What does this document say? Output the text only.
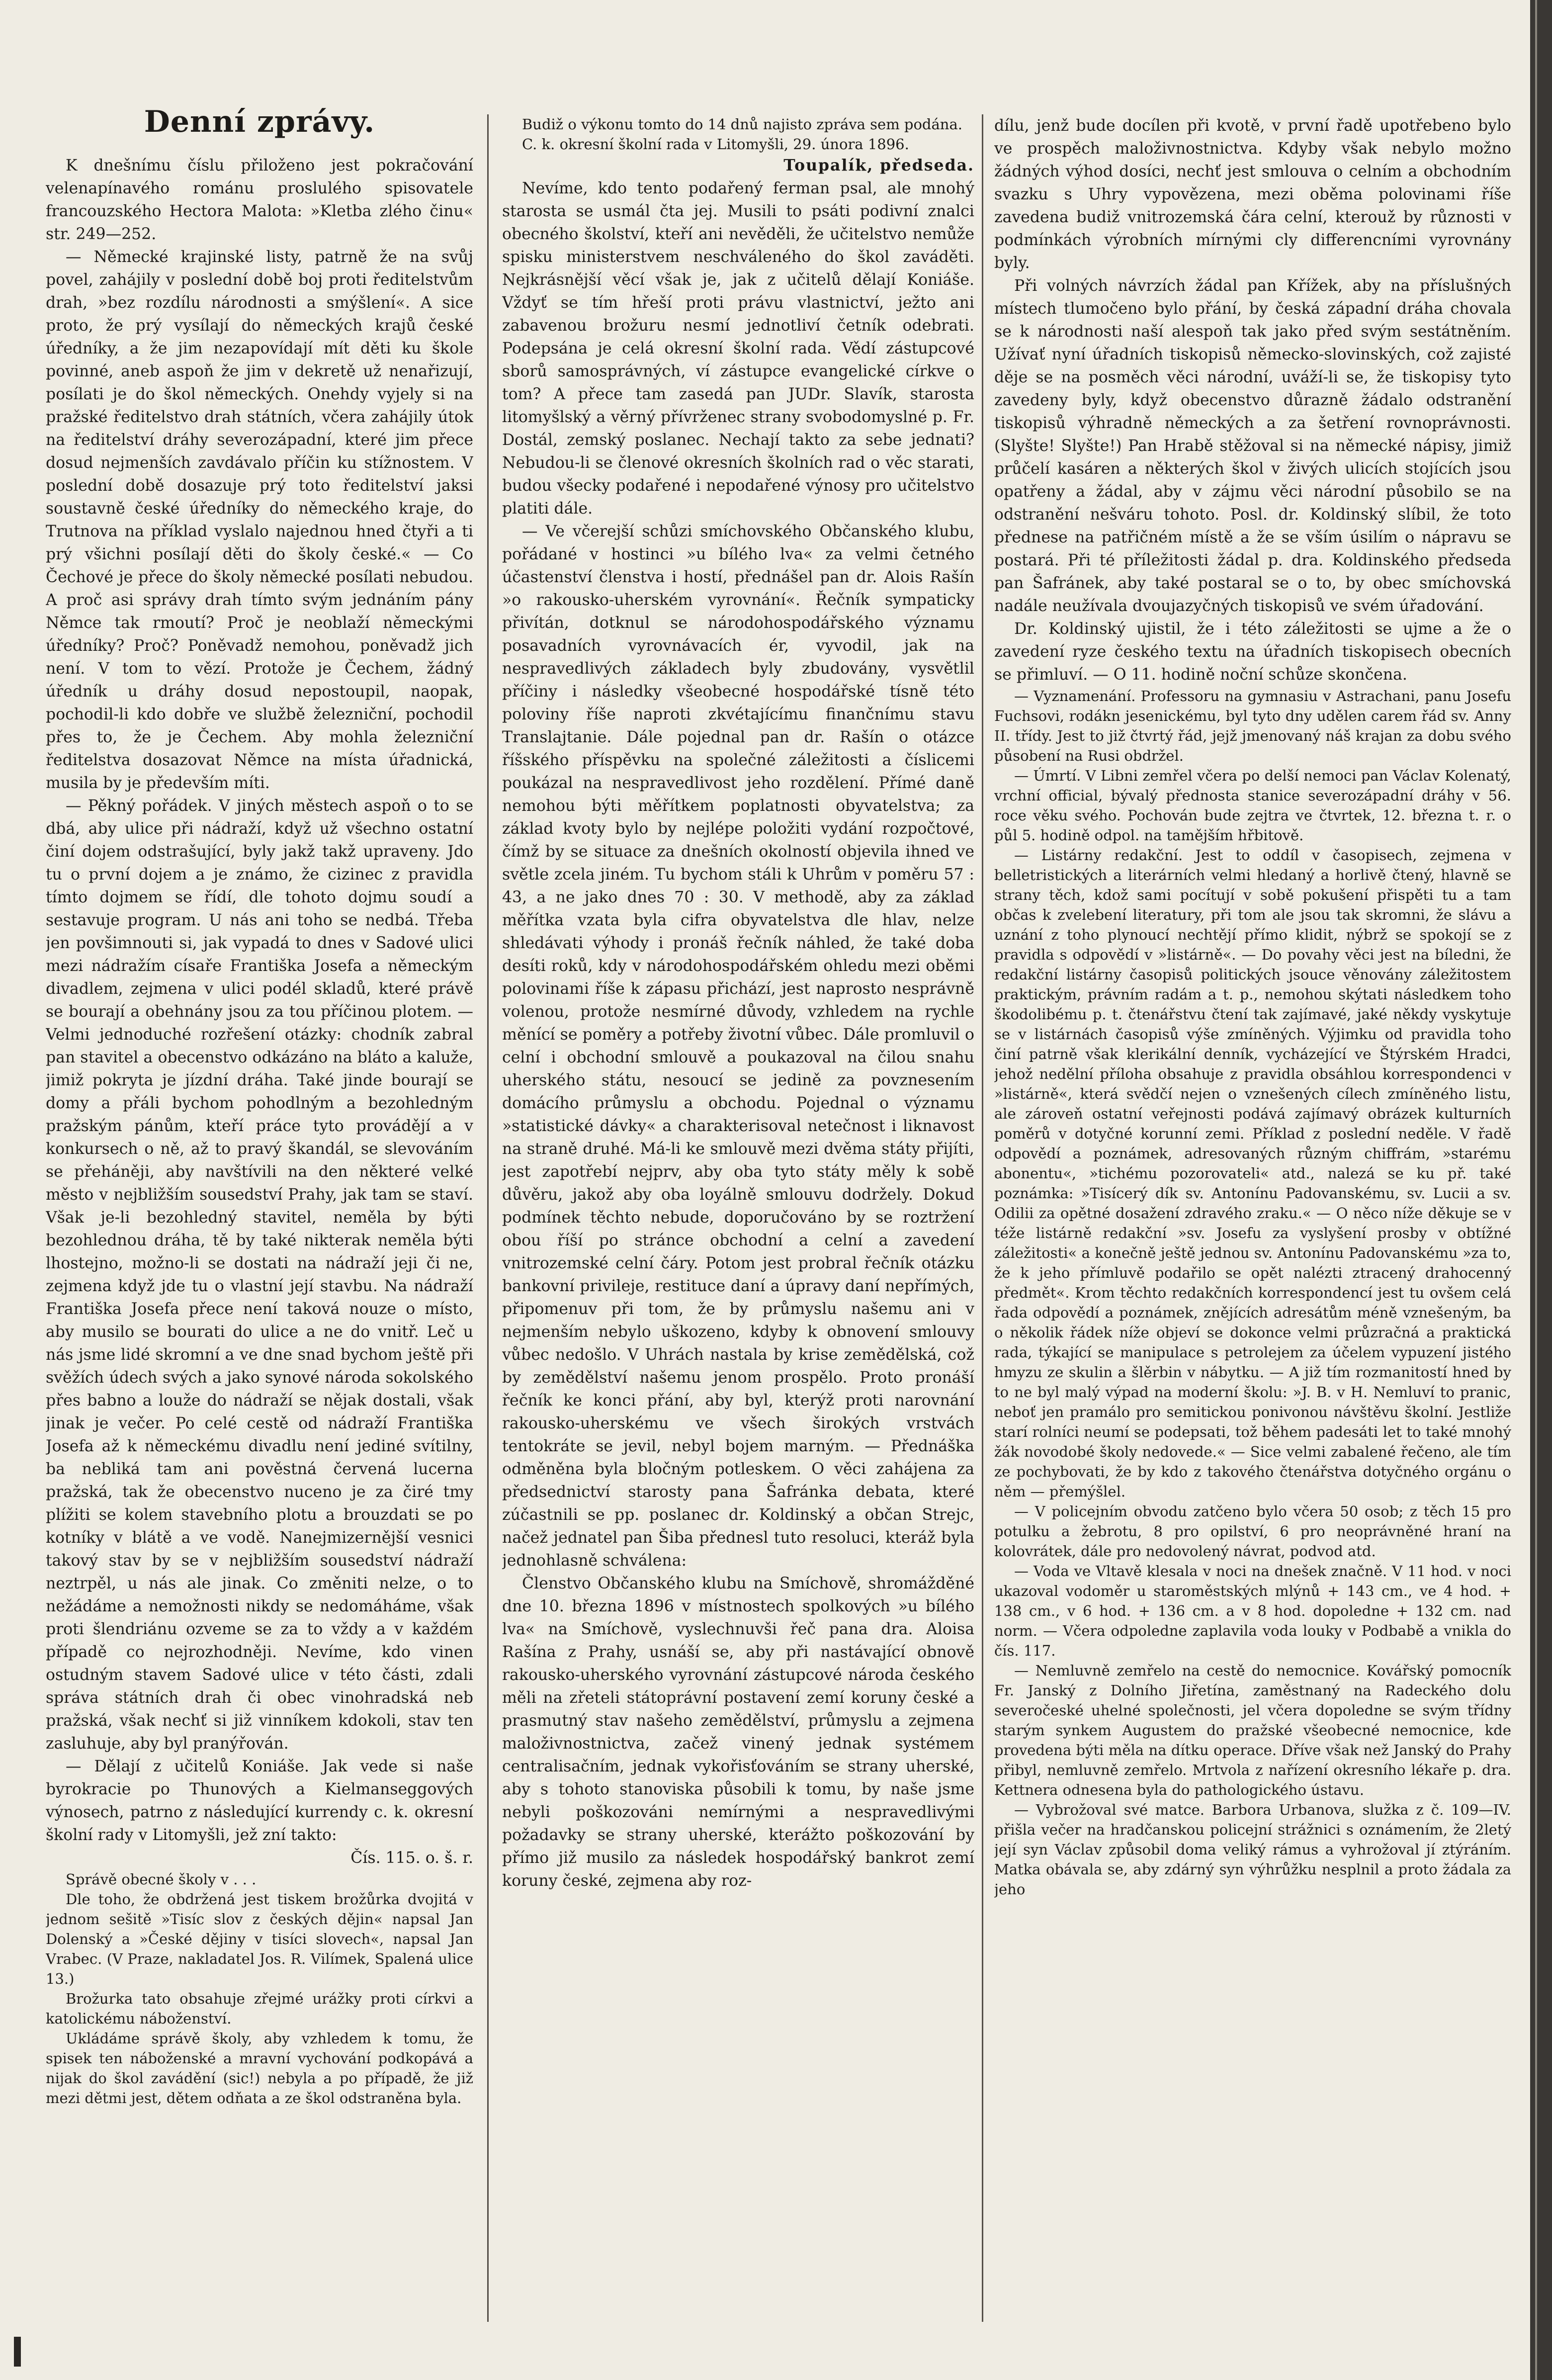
Denní zprávy.

K dnešnímu číslu přiloženo jest pokračování velenapínavého románu proslulého spisovatele francouzského Hectora Malota: »Kletba zlého činu« str. 249—252.

— Německé krajinské listy, patrně že na svůj povel, zahájily v poslední době boj proti ředitelstvům drah, »bez rozdílu národnosti a smýšlení«. A sice proto, že prý vysílají do německých krajů české úředníky, a že jim nezapovídají mít děti ku škole povinné, aneb aspoň že jim v dekretě už nenařizují, posílati je do škol německých. Onehdy vyjely si na pražské ředitelstvo drah státních, včera zahájily útok na ředitelství dráhy severozápadní, které jim přece dosud nejmenších zavdávalo příčin ku stížnostem. V poslední době dosazuje prý toto ředitelství jaksi soustavně české úředníky do německého kraje, do Trutnova na příklad vyslalo najednou hned čtyři a ti prý všichni posílají děti do školy české.« — Co Čechové je přece do školy německé posílati nebudou. A proč asi správy drah tímto svým jednáním pány Němce tak rmoutí? Proč je neoblaží německými úředníky? Proč? Poněvadž nemohou, poněvadž jich není. V tom to vězí. Protože je Čechem, žádný úředník u dráhy dosud nepostoupil, naopak, pochodil-li kdo dobře ve službě železniční, pochodil přes to, že je Čechem. Aby mohla železniční ředitelstva dosazovat Němce na místa úřadnická, musila by je především míti.

— Pěkný pořádek. V jiných městech aspoň o to se dbá, aby ulice při nádraží, když už všechno ostatní činí dojem odstrašující, byly jakž takž upraveny. Jdo tu o první dojem a je známo, že cizinec z pravidla tímto dojmem se řídí, dle tohoto dojmu soudí a sestavuje program. U nás ani toho se nedbá. Třeba jen povšimnouti si, jak vypadá to dnes v Sadové ulici mezi nádražím císaře Františka Josefa a německým divadlem, zejmena v ulici podél skladů, které právě se bourají a obehnány jsou za tou příčinou plotem. — Velmi jednoduché rozřešení otázky: chodník zabral pan stavitel a obecenstvo odkázáno na bláto a kaluže, jimiž pokryta je jízdní dráha. Také jinde bourají se domy a přáli bychom pohodlným a bezohledným pražským pánům, kteří práce tyto provádějí a v konkursech o ně, až to pravý škandál, se slevováním se přeháněji, aby navštívili na den některé velké město v nejbližším sousedství Prahy, jak tam se staví. Však je-li bezohledný stavitel, neměla by býti bezohlednou dráha, tě by také nikterak neměla býti lhostejno, možno-li se dostati na nádraží jeji či ne, zejmena když jde tu o vlastní její stavbu. Na nádraží Františka Josefa přece není taková nouze o místo, aby musilo se bourati do ulice a ne do vnitř. Leč u nás jsme lidé skromní a ve dne snad bychom ještě při svěžích údech svých a jako synové národa sokolského přes babno a louže do nádraží se nějak dostali, však jinak je večer. Po celé cestě od nádraží Františka Josefa až k německému divadlu není jediné svítilny, ba nebliká tam ani pověstná červená lucerna pražská, tak že obecenstvo nuceno je za čiré tmy plížiti se kolem stavebního plotu a brouzdati se po kotníky v blátě a ve vodě. Nanejmizernější vesnici takový stav by se v nejbližším sousedství nádraží neztrpěl, u nás ale jinak. Co změniti nelze, o to nežádáme a nemožnosti nikdy se nedomáháme, však proti šlendriánu ozveme se za to vždy a v každém případě co nejrozhodněji. Nevíme, kdo vinen ostudným stavem Sadové ulice v této části, zdali správa státních drah či obec vinohradská neb pražská, však nechť si již vinníkem kdokoli, stav ten zasluhuje, aby byl pranýřován.

— Dělají z učitelů Koniáše. Jak vede si naše byrokracie po Thunových a Kielmanseggových výnosech, patrno z následující kurrendy c. k. okresní školní rady v Litomyšli, jež zní takto:

Čís. 115. o. š. r.

Správě obecné školy v . . .

Dle toho, že obdržená jest tiskem brožůrka dvojitá v jednom sešitě »Tisíc slov z českých dějin« napsal Jan Dolenský a »České dějiny v tisíci slovech«, napsal Jan Vrabec. (V Praze, nakladatel Jos. R. Vilímek, Spalená ulice 13.)

Brožurka tato obsahuje zřejmé urážky proti církvi a katolickému náboženství.

Ukládáme správě školy, aby vzhledem k tomu, že spisek ten náboženské a mravní vychování podkopává a nijak do škol zavádění (sic!) nebyla a po případě, že již mezi dětmi jest, dětem odňata a ze škol odstraněna byla.

Budiž o výkonu tomto do 14 dnů najisto zpráva sem podána.

C. k. okresní školní rada v Litomyšli, 29. února 1896.

Toupalík, předseda.

Nevíme, kdo tento podařený ferman psal, ale mnohý starosta se usmál čta jej. Musili to psáti podivní znalci obecného školství, kteří ani nevěděli, že učitelstvo nemůže spisku ministerstvem neschváleného do škol zaváděti. Nejkrásnější věcí však je, jak z učitelů dělají Koniáše. Vždyť se tím hřeší proti právu vlastnictví, ježto ani zabavenou brožuru nesmí jednotliví četník odebrati. Podepsána je celá okresní školní rada. Vědí zástupcové sborů samosprávných, ví zástupce evangelické církve o tom? A přece tam zasedá pan JUDr. Slavík, starosta litomyšlský a věrný přívrženec strany svobodomyslné p. Fr. Dostál, zemský poslanec. Nechají takto za sebe jednati? Nebudou-li se členové okresních školních rad o věc starati, budou všecky podařené i nepodařené výnosy pro učitelstvo platiti dále.

— Ve včerejší schůzi smíchovského Občanského klubu, pořádané v hostinci »u bílého lva« za velmi četného účastenství členstva i hostí, přednášel pan dr. Alois Rašín »o rakousko-uherském vyrovnání«. Řečník sympaticky přivítán, dotknul se národohospodářského významu posavadních vyrovnávacích ér, vyvodil, jak na nespravedlivých základech byly zbudovány, vysvětlil příčiny i následky všeobecné hospodářské tísně této poloviny říše naproti zkvétajícímu finančnímu stavu Translajtanie. Dále pojednal pan dr. Rašín o otázce říšského příspěvku na společné záležitosti a číslicemi poukázal na nespravedlivost jeho rozdělení. Přímé daně nemohou býti měřítkem poplatnosti obyvatelstva; za základ kvoty bylo by nejlépe položiti vydání rozpočtové, čímž by se situace za dnešních okolností objevila ihned ve světle zcela jiném. Tu bychom stáli k Uhrům v poměru 57 : 43, a ne jako dnes 70 : 30. V methodě, aby za základ měřítka vzata byla cifra obyvatelstva dle hlav, nelze shledávati výhody i pronáš řečník náhled, že také doba desíti roků, kdy v národohospodářském ohledu mezi oběmi polovinami říše k zápasu přichází, jest naprosto nesprávně volenou, protože nesmírné důvody, vzhledem na rychle měnící se poměry a potřeby životní vůbec. Dále promluvil o celní i obchodní smlouvě a poukazoval na čilou snahu uherského státu, nesoucí se jedině za povznesením domácího průmyslu a obchodu. Pojednal o významu »statistické dávky« a charakterisoval netečnost i liknavost na straně druhé. Má-li ke smlouvě mezi dvěma státy přijíti, jest zapotřebí nejprv, aby oba tyto státy měly k sobě důvěru, jakož aby oba loyálně smlouvu dodržely. Dokud podmínek těchto nebude, doporučováno by se roztržení obou říší po stránce obchodní a celní a zavedení vnitrozemské celní čáry. Potom jest probral řečník otázku bankovní privileje, restituce daní a úpravy daní nepřímých, připomenuv při tom, že by průmyslu našemu ani v nejmenším nebylo uškozeno, kdyby k obnovení smlouvy vůbec nedošlo. V Uhrách nastala by krise zemědělská, což by zemědělství našemu jenom prospělo. Proto pronáší řečník ke konci přání, aby byl, kterýž proti narovnání rakousko-uherskému ve všech širokých vrstvách tentokráte se jevil, nebyl bojem marným. — Přednáška odměněna byla bločným potleskem. O věci zahájena za předsednictví starosty pana Šafránka debata, které zúčastnili se pp. poslanec dr. Koldinský a občan Strejc, načež jednatel pan Šiba přednesl tuto resoluci, kteráž byla jednohlasně schválena:

Členstvo Občanského klubu na Smíchově, shromážděné dne 10. března 1896 v místnostech spolkových »u bílého lva« na Smíchově, vyslechnuvši řeč pana dra. Aloisa Rašína z Prahy, usnáší se, aby při nastávající obnově rakousko-uherského vyrovnání zástupcové národa českého měli na zřeteli státoprávní postavení zemí koruny české a prasmutný stav našeho zemědělství, průmyslu a zejmena maloživnostnictva, začež vinený jednak systémem centralisačním, jednak vykořisťováním se strany uherské, aby s tohoto stanoviska působili k tomu, by naše jsme nebyli poškozováni nemírnými a nespravedlivými požadavky se strany uherské, kterážto poškozování by přímo již musilo za následek hospodářský bankrot zemí koruny české, zejmena aby roz-

dílu, jenž bude docílen při kvotě, v první řadě upotřebeno bylo ve prospěch maloživnostnictva. Kdyby však nebylo možno žádných výhod dosíci, nechť jest smlouva o celním a obchodním svazku s Uhry vypovězena, mezi oběma polovinami říše zavedena budiž vnitrozemská čára celní, kterouž by různosti v podmínkách výrobních mírnými cly differencními vyrovnány byly.

Při volných návrzích žádal pan Křížek, aby na příslušných místech tlumočeno bylo přání, by česká západní dráha chovala se k národnosti naší alespoň tak jako před svým sestátněním. Užívať nyní úřadních tiskopisů německo-slovinských, což zajisté děje se na posměch věci národní, uváží-li se, že tiskopisy tyto zavedeny byly, když obecenstvo důrazně žádalo odstranění tiskopisů výhradně německých a za šetření rovnoprávnosti. (Slyšte! Slyšte!) Pan Hrabě stěžoval si na německé nápisy, jimiž průčelí kasáren a některých škol v živých ulicích stojících jsou opatřeny a žádal, aby v zájmu věci národní působilo se na odstranění nešváru tohoto. Posl. dr. Koldinský slíbil, že toto přednese na patřičném místě a že se vším úsilím o nápravu se postará. Při té příležitosti žádal p. dra. Koldinského předseda pan Šafránek, aby také postaral se o to, by obec smíchovská nadále neužívala dvoujazyčných tiskopisů ve svém úřadování.

Dr. Koldinský ujistil, že i této záležitosti se ujme a že o zavedení ryze českého textu na úřadních tiskopisech obecních se přimluví. — O 11. hodině noční schůze skončena.

— Vyznamenání. Professoru na gymnasiu v Astrachani, panu Josefu Fuchsovi, rodákn jesenickému, byl tyto dny udělen carem řád sv. Anny II. třídy. Jest to již čtvrtý řád, jejž jmenovaný náš krajan za dobu svého působení na Rusi obdržel.

— Úmrtí. V Libni zemřel včera po delší nemoci pan Václav Kolenatý, vrchní official, bývalý přednosta stanice severozápadní dráhy v 56. roce věku svého. Pochován bude zejtra ve čtvrtek, 12. března t. r. o půl 5. hodině odpol. na tamějším hřbitově.

— Listárny redakční. Jest to oddíl v časopisech, zejmena v belletristických a literárních velmi hledaný a horlivě čtený, hlavně se strany těch, kdož sami pocítují v sobě pokušení přispěti tu a tam občas k zvelebení literatury, při tom ale jsou tak skromni, že slávu a uznání z toho plynoucí nechtějí přímo klidit, nýbrž se spokojí se z pravidla s odpovědí v »listárně«. — Do povahy věci jest na bíledni, že redakční listárny časopisů politických jsouce věnovány záležitostem praktickým, právním radám a t. p., nemohou skýtati následkem toho škodolibému p. t. čtenářstvu čtení tak zajímavé, jaké někdy vyskytuje se v listárnách časopisů výše zmíněných. Výjimku od pravidla toho činí patrně však klerikální denník, vycházející ve Štýrském Hradci, jehož nedělní příloha obsahuje z pravidla obsáhlou korrespondenci v »listárně«, která svědčí nejen o vznešených cílech zmíněného listu, ale zároveň ostatní veřejnosti podává zajímavý obrázek kulturních poměrů v dotyčné korunní zemi. Příklad z poslední neděle. V řadě odpovědí a poznámek, adresovaných různým chiffrám, »starému abonentu«, »tichému pozorovateli« atd., nalezá se ku př. také poznámka: »Tisícerý dík sv. Antonínu Padovanskému, sv. Lucii a sv. Odilii za opětné dosažení zdravého zraku.« — O něco níže děkuje se v téže listárně redakční »sv. Josefu za vyslyšení prosby v obtížné záležitosti« a konečně ještě jednou sv. Antonínu Padovanskému »za to, že k jeho přímluvě podařilo se opět nalézti ztracený drahocenný předmět«. Krom těchto redakčních korrespondencí jest tu ovšem celá řada odpovědí a poznámek, znějících adresátům méně vznešeným, ba o několik řádek níže objeví se dokonce velmi průzračná a praktická rada, týkající se manipulace s petrolejem za účelem vypuzení jistého hmyzu ze skulin a šlěrbin v nábytku. — A již tím rozmanitostí hned by to ne byl malý výpad na moderní školu: »J. B. v H. Nemluví to pranic, neboť jen pramálo pro semitickou ponivonou návštěvu školní. Jestliže starí rolníci neumí se podepsati, tož během padesáti let to také mnohý žák novodobé školy nedovede.« — Sice velmi zabalené řečeno, ale tím ze pochybovati, že by kdo z takového čtenářstva dotyčného orgánu o něm — přemýšlel.

— V policejním obvodu zatčeno bylo včera 50 osob; z těch 15 pro potulku a žebrotu, 8 pro opilství, 6 pro neoprávněné hraní na kolovrátek, dále pro nedovolený návrat, podvod atd.

— Voda ve Vltavě klesala v noci na dnešek značně. V 11 hod. v noci ukazoval vodoměr u staroměstských mlýnů + 143 cm., ve 4 hod. + 138 cm., v 6 hod. + 136 cm. a v 8 hod. dopoledne + 132 cm. nad norm. — Včera odpoledne zaplavila voda louky v Podbabě a vnikla do čís. 117.

— Nemluvně zemřelo na cestě do nemocnice. Kovářský pomocník Fr. Janský z Dolního Jiřetína, zaměstnaný na Radeckého dolu severočeské uhelné společnosti, jel včera dopoledne se svým třídny starým synkem Augustem do pražské všeobecné nemocnice, kde provedena býti měla na dítku operace. Dříve však než Janský do Prahy přibyl, nemluvně zemřelo. Mrtvola z nařízení okresního lékaře p. dra. Kettnera odnesena byla do pathologického ústavu.

— Vybrožoval své matce. Barbora Urbanova, služka z č. 109—IV. přišla večer na hradčanskou policejní strážnici s oznámením, že 2letý její syn Václav způsobil doma veliký rámus a vyhrožoval jí ztýráním. Matka obávala se, aby zdárný syn výhrůžku nesplnil a proto žádala za jeho
